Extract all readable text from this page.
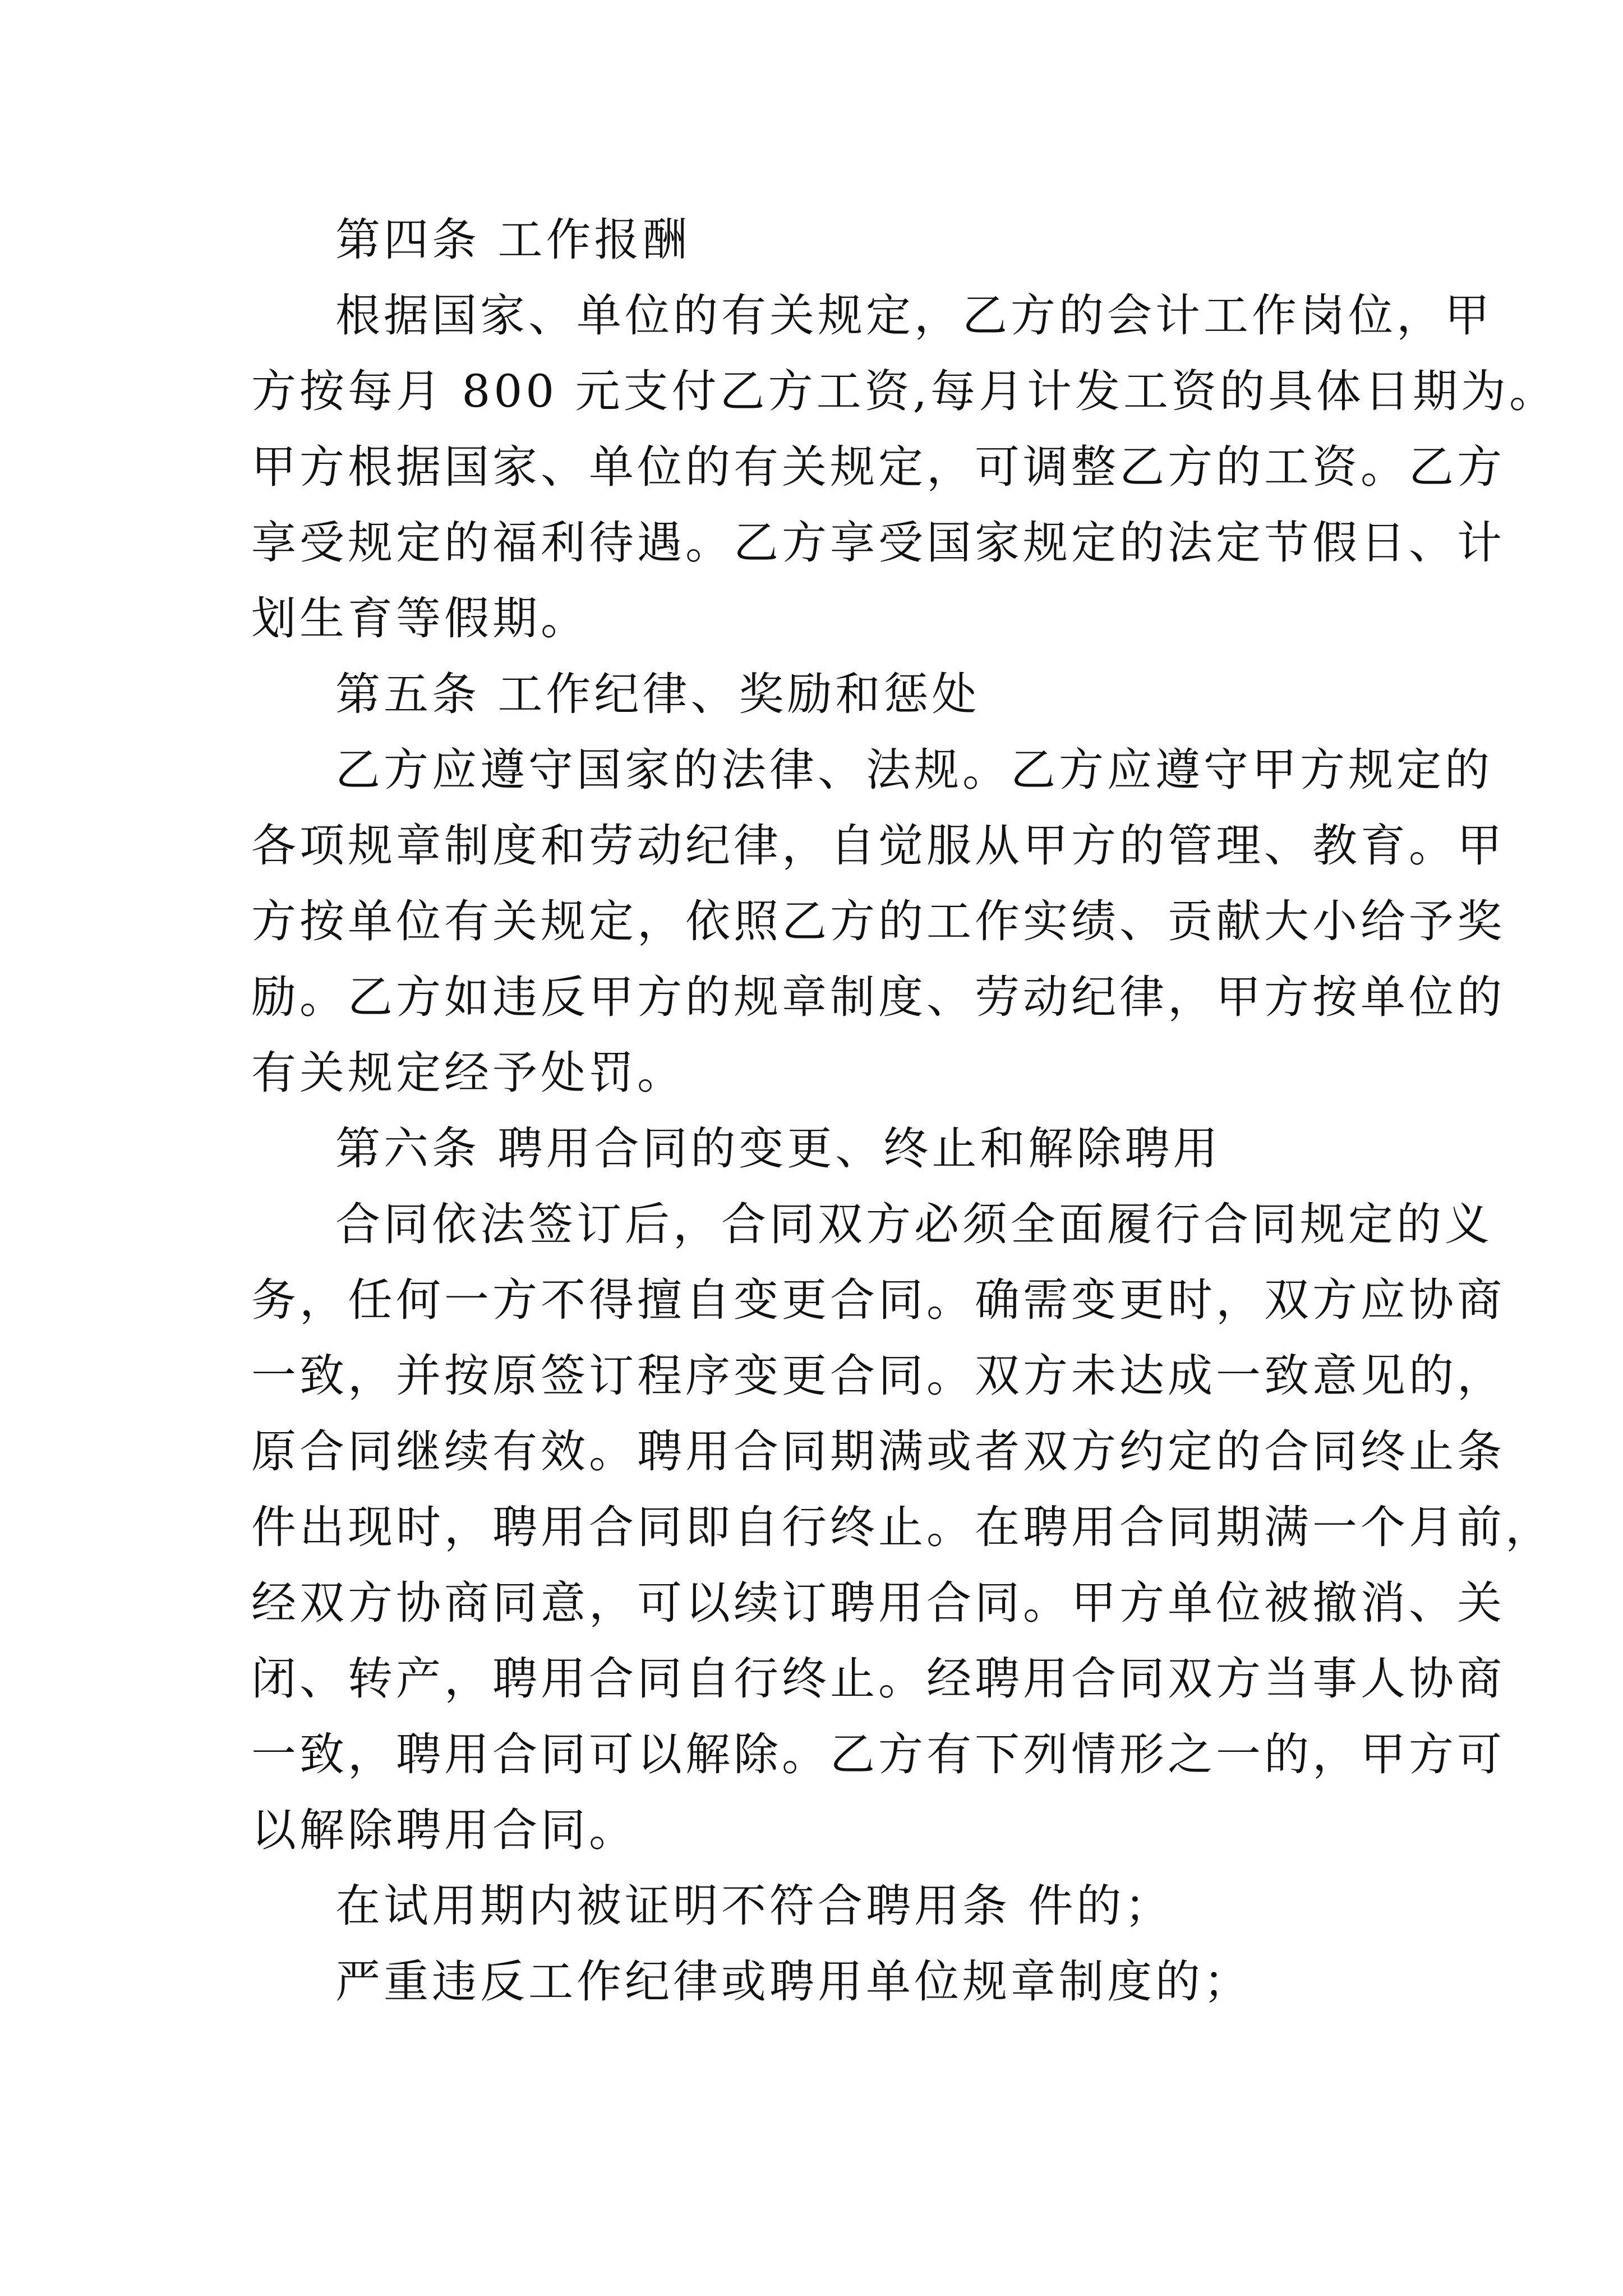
第四条 工作报酬
根据国家、单位的有关规定，乙方的会计工作岗位，甲
方按每月 800 元支付乙方工资,每月计发工资的具体日期为。
甲方根据国家、单位的有关规定，可调整乙方的工资。乙方
享受规定的福利待遇。乙方享受国家规定的法定节假日、计
划生育等假期。
第五条 工作纪律、奖励和惩处
乙方应遵守国家的法律、法规。乙方应遵守甲方规定的
各项规章制度和劳动纪律，自觉服从甲方的管理、教育。甲
方按单位有关规定，依照乙方的工作实绩、贡献大小给予奖
励。乙方如违反甲方的规章制度、劳动纪律，甲方按单位的
有关规定经予处罚。
第六条 聘用合同的变更、终止和解除聘用
合同依法签订后，合同双方必须全面履行合同规定的义
务，任何一方不得擅自变更合同。确需变更时，双方应协商
一致，并按原签订程序变更合同。双方未达成一致意见的，
原合同继续有效。聘用合同期满或者双方约定的合同终止条
件出现时，聘用合同即自行终止。在聘用合同期满一个月前，
经双方协商同意，可以续订聘用合同。甲方单位被撤消、关
闭、转产，聘用合同自行终止。经聘用合同双方当事人协商
一致，聘用合同可以解除。乙方有下列情形之一的，甲方可
以解除聘用合同。
在试用期内被证明不符合聘用条 件的；
严重违反工作纪律或聘用单位规章制度的；
